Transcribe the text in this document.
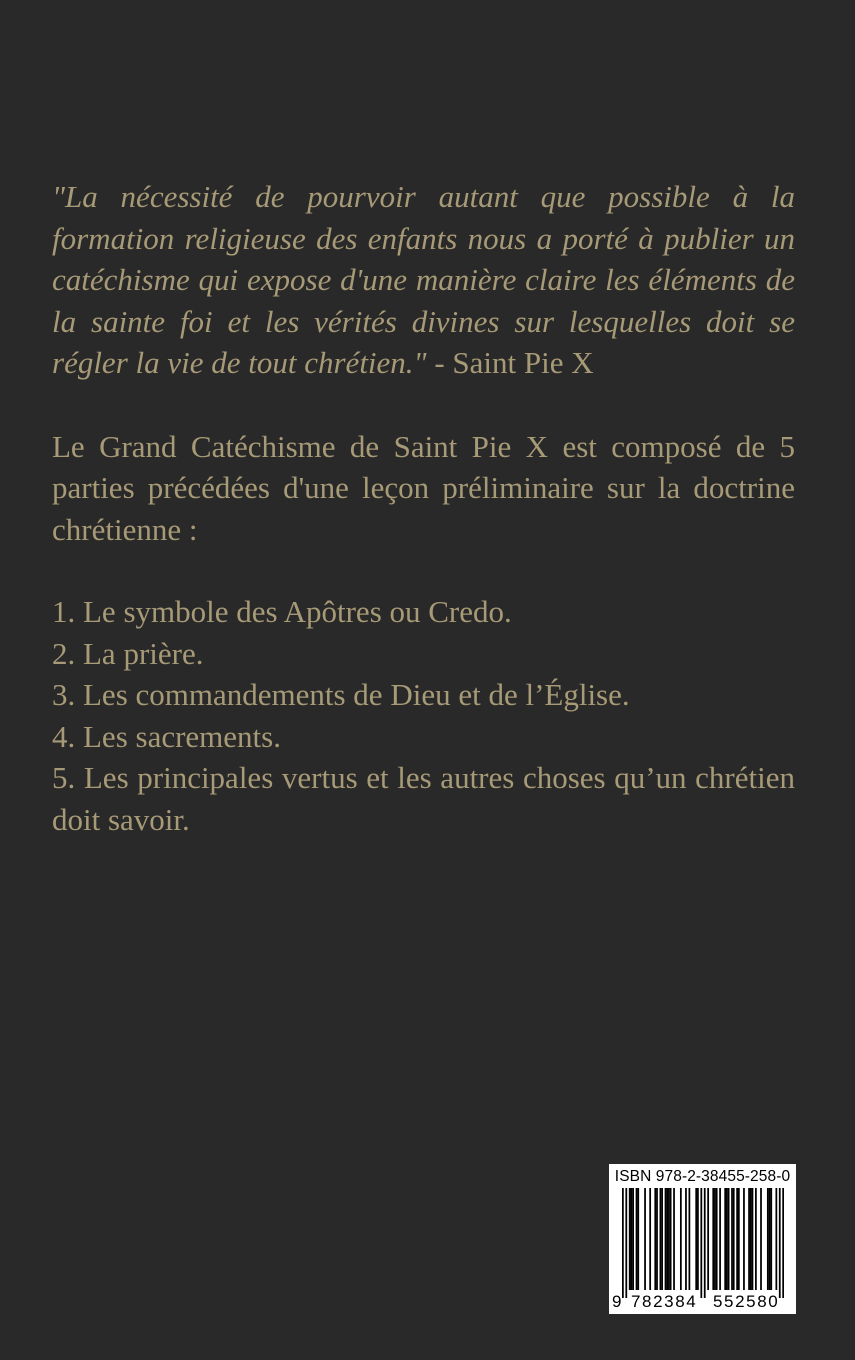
"La nécessité de pourvoir autant que possible à la formation religieuse des enfants nous a porté à publier un catéchisme qui expose d'une manière claire les éléments de la sainte foi et les vérités divines sur lesquelles doit se régler la vie de tout chrétien." - Saint Pie X

Le Grand Catéchisme de Saint Pie X est composé de 5 parties précédées d'une leçon préliminaire sur la doctrine chrétienne :

1. Le symbole des Apôtres ou Credo.
2. La prière.
3. Les commandements de Dieu et de l’Église.
4. Les sacrements.
5. Les principales vertus et les autres choses qu’un chrétien doit savoir.
ISBN 978-2-38455-258-0
9 782384 552580
